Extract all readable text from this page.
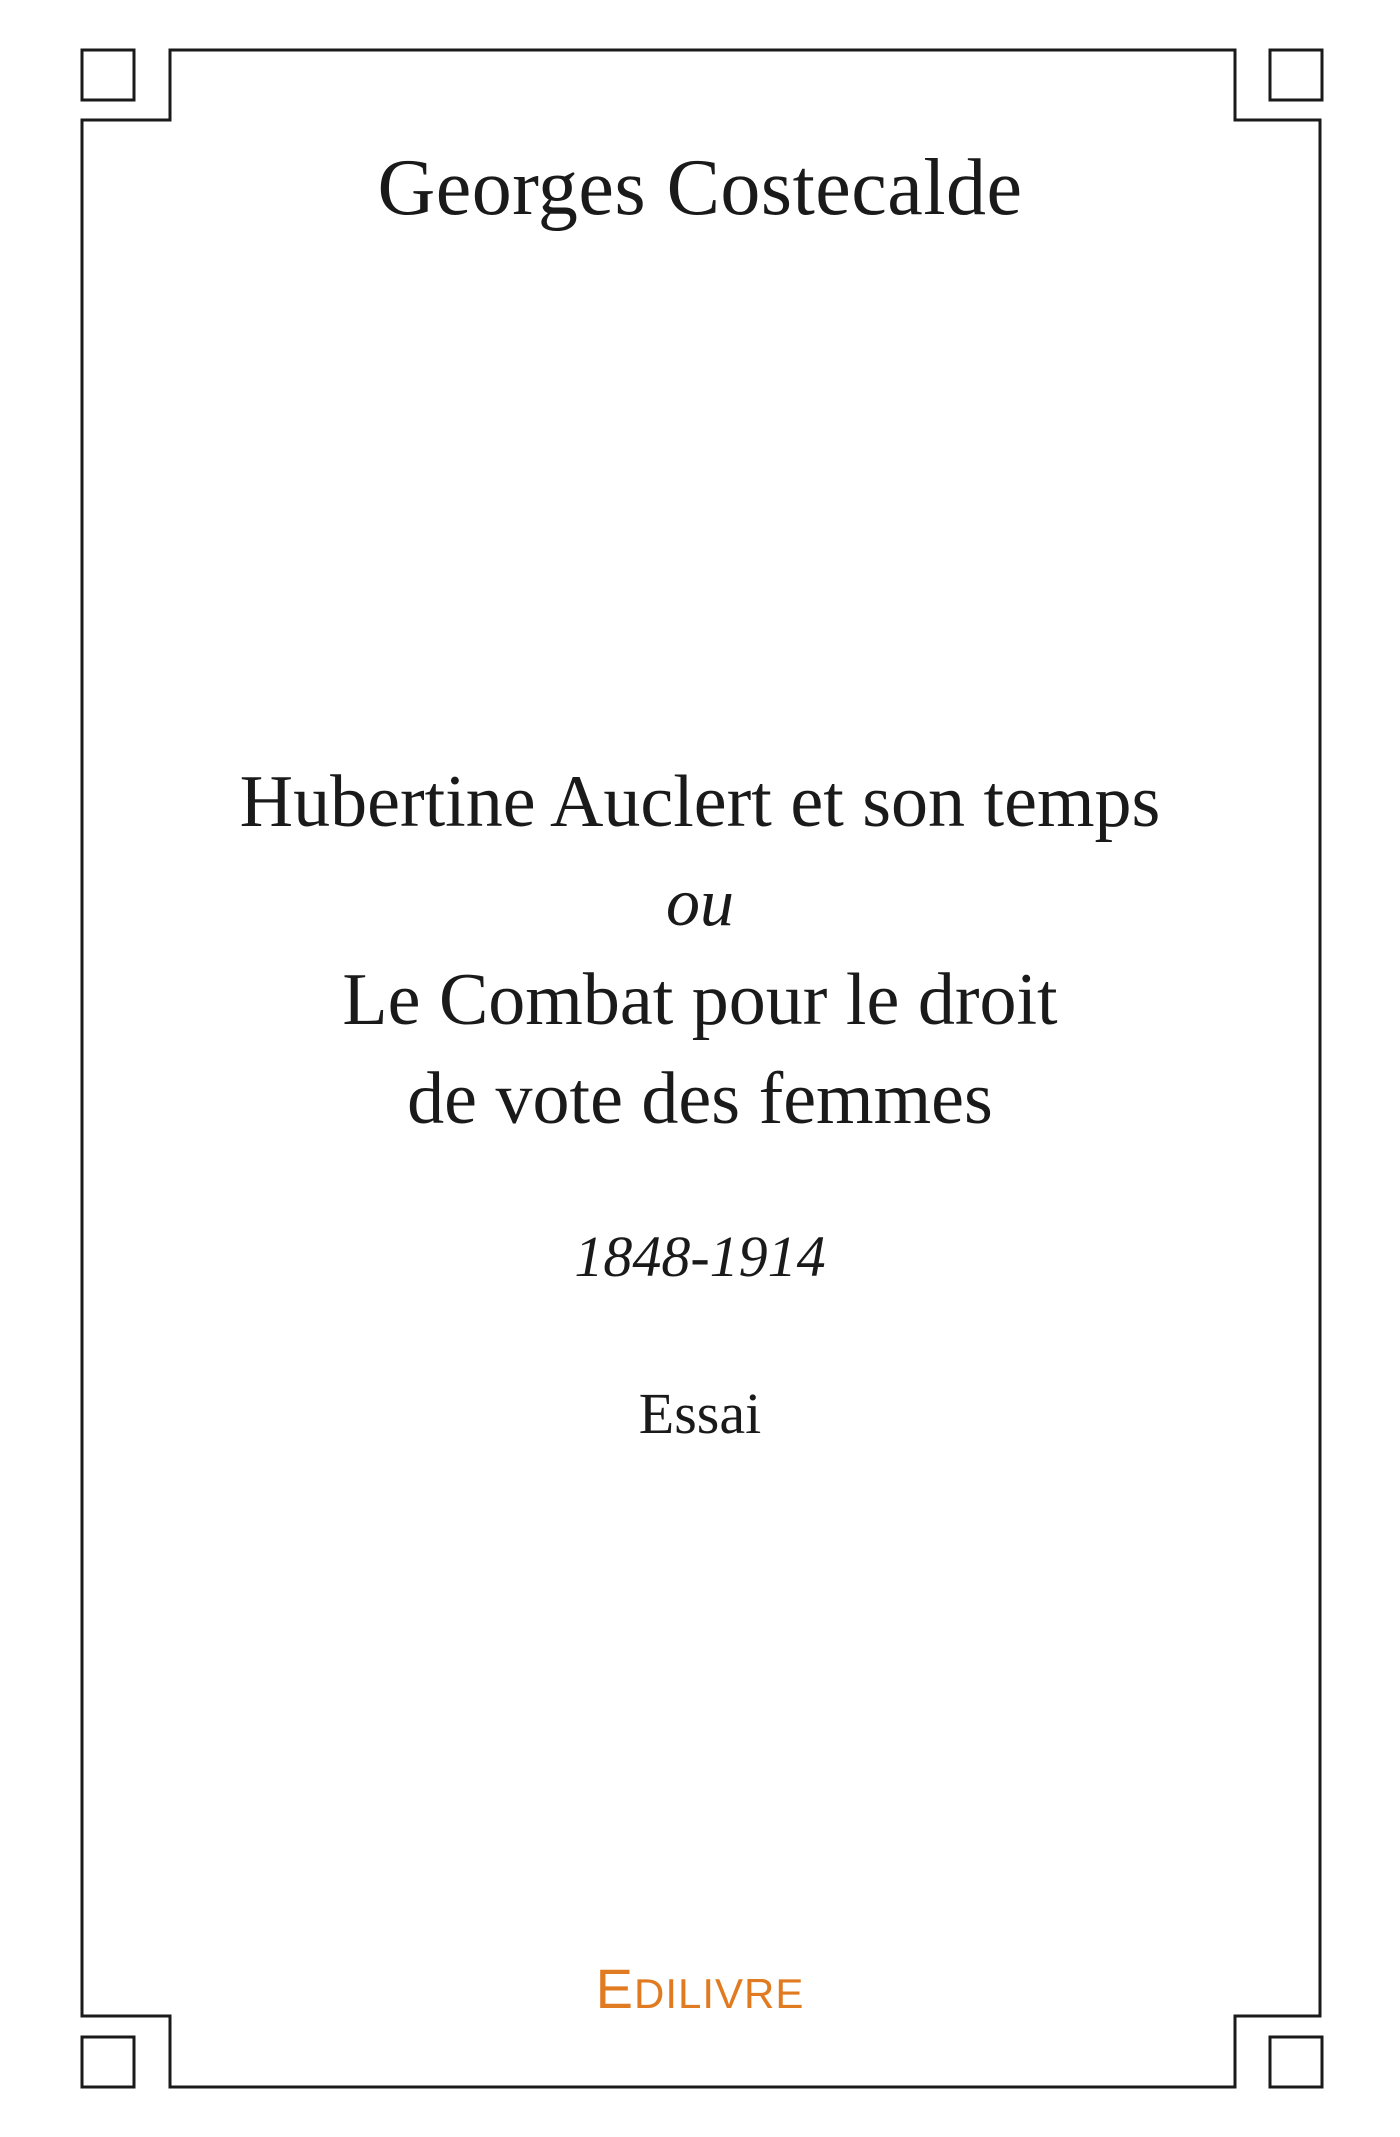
Georges Costecalde
Hubertine Auclert et son temps
ou
Le Combat pour le droit
de vote des femmes
1848-1914
Essai
EDILIVRE
